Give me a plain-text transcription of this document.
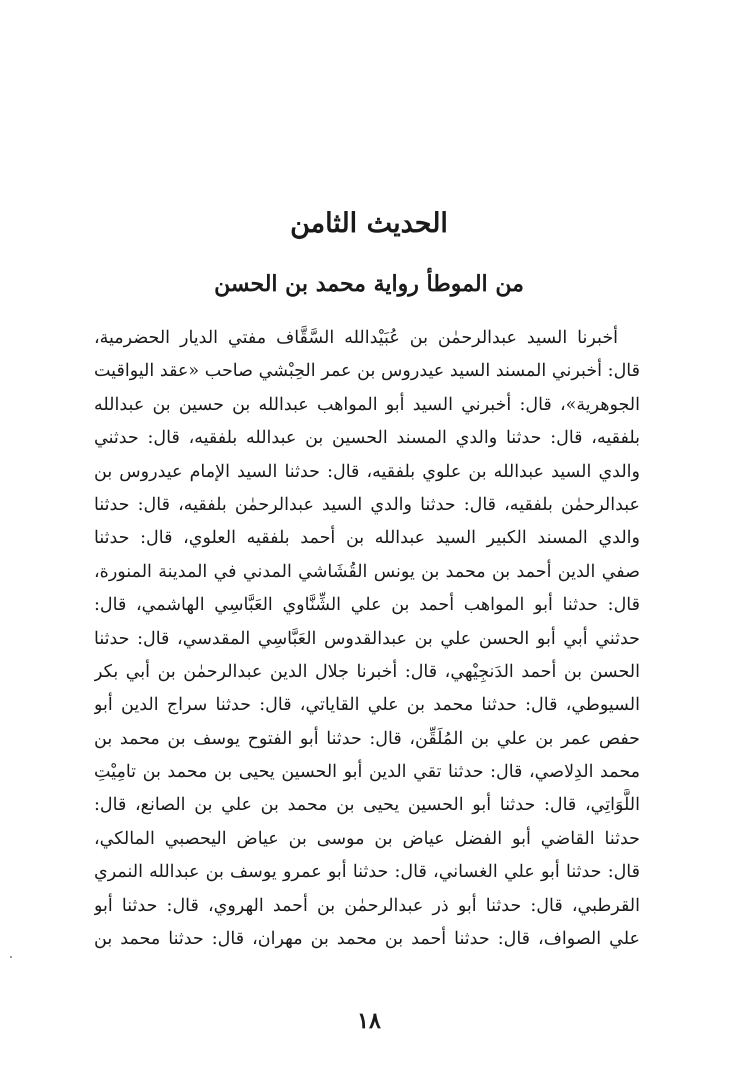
الحديث الثامن
من الموطأ رواية محمد بن الحسن
أخبرنا السيد عبدالرحمٰن بن عُبَيْدالله السَّقَّاف مفتي الديار الحضرمية،
قال: أخبرني المسند السيد عيدروس بن عمر الحِبْشي صاحب «عقد اليواقيت
الجوهرية»، قال: أخبرني السيد أبو المواهب عبدالله بن حسين بن عبدالله
بلفقيه، قال: حدثنا والدي المسند الحسين بن عبدالله بلفقيه، قال: حدثني
والدي السيد عبدالله بن علوي بلفقيه، قال: حدثنا السيد الإمام عيدروس بن
عبدالرحمٰن بلفقيه، قال: حدثنا والدي السيد عبدالرحمٰن بلفقيه، قال: حدثنا
والدي المسند الكبير السيد عبدالله بن أحمد بلفقيه العلوي، قال: حدثنا
صفي الدين أحمد بن محمد بن يونس القُشَاشي المدني في المدينة المنورة،
قال: حدثنا أبو المواهب أحمد بن علي الشِّنَّاوي العَبَّاسِي الهاشمي، قال:
حدثني أبي أبو الحسن علي بن عبدالقدوس العَبَّاسِي المقدسي، قال: حدثنا
الحسن بن أحمد الدَنجِيْهي، قال: أخبرنا جلال الدين عبدالرحمٰن بن أبي بكر
السيوطي، قال: حدثنا محمد بن علي القاياتي، قال: حدثنا سراج الدين أبو
حفص عمر بن علي بن المُلَقِّن، قال: حدثنا أبو الفتوح يوسف بن محمد بن
محمد الدِلاصي، قال: حدثنا تقي الدين أبو الحسين يحيى بن محمد بن تامِيْتِ
اللَّوَاتِي، قال: حدثنا أبو الحسين يحيى بن محمد بن علي بن الصانع، قال:
حدثنا القاضي أبو الفضل عياض بن موسى بن عياض اليحصبي المالكي،
قال: حدثنا أبو علي الغساني، قال: حدثنا أبو عمرو يوسف بن عبدالله النمري
القرطبي، قال: حدثنا أبو ذر عبدالرحمٰن بن أحمد الهروي، قال: حدثنا أبو
علي الصواف، قال: حدثنا أحمد بن محمد بن مهران، قال: حدثنا محمد بن
١٨
